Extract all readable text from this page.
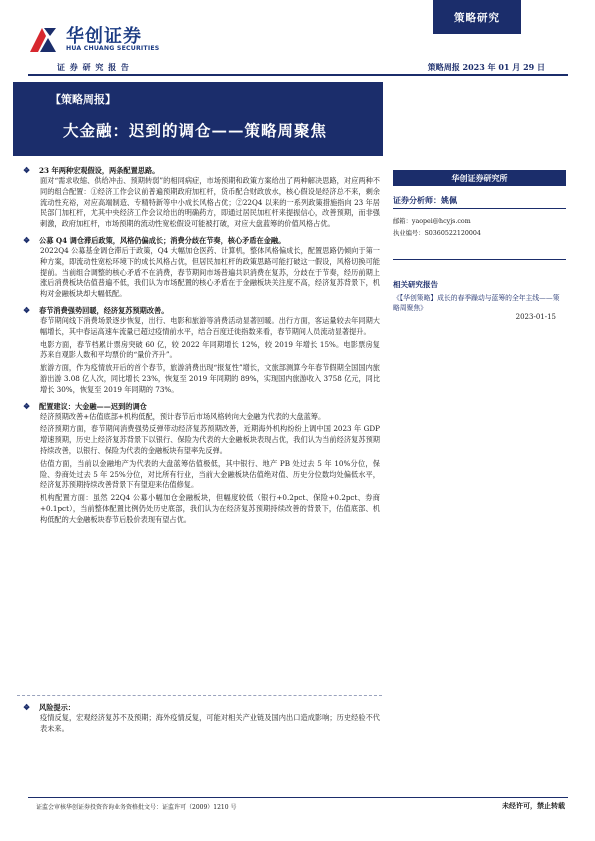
华创证券
HUA CHUANG SECURITIES
策略研究
证 券 研 究 报 告	策略周报 2023 年 01 月 29 日
【策略周报】
大金融：迟到的调仓——策略周聚焦
❖ 23 年两种宏观假设，两条配置思路。

面对“需求收缩、供给冲击、预期转弱”的相同病症，市场预期和政策方案给出了两种解决思路，对应两种不同的组合配置：①经济工作会议前普遍预期政府加杠杆，货币配合财政放水，核心假设是经济总不来，剩余流动性充裕，对应高端制造、专精特新等中小成长风格占优；②22Q4 以来的一系列政策措施指向 23 年居民部门加杠杆，尤其中央经济工作会议给出的明确药方，即通过居民加杠杆来提振信心，改善预期，而非强刺激，政府加杠杆，市场预期的流动性宽松假设可能被打破，对应大盘蓝筹的价值风格占优。

❖ 公募 Q4 调仓滞后政策，风格仍偏成长；消费分歧在节奏，核心矛盾在金融。

2022Q4 公募基金调仓滞后于政策，Q4 大幅加仓医药、计算机，整体风格偏成长，配置思路仍倾向于第一种方案，即流动性宽松环境下的成长风格占优，但居民加杠杆的政策思路可能打破这一假设，风格切换可能提前。当前组合调整的核心矛盾不在消费，春节期间市场普遍共识消费在复苏，分歧在于节奏，经历前期上涨后消费板块估值普遍不低，我们认为市场配置的核心矛盾在于金融板块关注度不高，经济复苏背景下，机构对金融板块却大幅低配。

❖ 春节消费强势回暖，经济复苏预期改善。

春节期间线下消费场景逐步恢复，出行、电影和旅游等消费活动显著回暖。出行方面，客运量较去年同期大幅增长，其中春运高速车流量已超过疫情前水平，结合百度迁徙指数来看，春节期间人员流动显著提升。

电影方面，春节档累计票房突破 60 亿，较 2022 年同期增长 12%，较 2019 年增长 15%。电影票房复苏来自观影人数和平均票价的“量价齐升”。

旅游方面，作为疫情放开后的首个春节，旅游消费出现“报复性”增长，文旅部测算今年春节假期全国国内旅游出游 3.08 亿人次，同比增长 23%，恢复至 2019 年同期的 89%，实现国内旅游收入 3758 亿元，同比增长 30%，恢复至 2019 年同期的 73%。

❖ 配置建议：大金融——迟到的调仓

经济预期改善+估值底部+机构低配，预计春节后市场风格转向大金融为代表的大盘蓝筹。

经济预期方面，春节期间消费强势反弹带动经济复苏预期改善，近期海外机构纷纷上调中国 2023 年 GDP 增速预期，历史上经济复苏背景下以银行、保险为代表的大金融板块表现占优，我们认为当前经济复苏预期持续改善，以银行、保险为代表的金融板块有望率先反弹。

估值方面，当前以金融地产为代表的大盘蓝筹估值极低，其中银行、地产 PB 处过去 5 年 10%分位，保险、券商处过去 5 年 25%分位，对比所有行业，当前大金融板块估值绝对值、历史分位数均处偏低水平，经济复苏预期持续改善背景下有望迎来估值修复。

机构配置方面：虽然 22Q4 公募小幅加仓金融板块，但幅度较低（银行+0.2pct、保险+0.2pct、券商+0.1pct），当前整体配置比例仍处历史底部，我们认为在经济复苏预期持续改善的背景下，估值底部、机构低配的大金融板块春节后股价表现有望占优。

❖ 风险提示：

疫情反复，宏观经济复苏不及预期；海外疫情反复，可能对相关产业链及国内出口造成影响；历史经验不代表未来。

华创证券研究所
证券分析师：姚佩
邮箱：yaopei@hcyjs.com
执业编号：S0360522120004
相关研究报告
《【华创策略】成长的春季躁动与蓝筹的全年主线——策略周聚焦》
2023-01-15
证监会审核华创证券投资咨询业务资格批文号：证监许可（2009）1210 号	未经许可，禁止转载
